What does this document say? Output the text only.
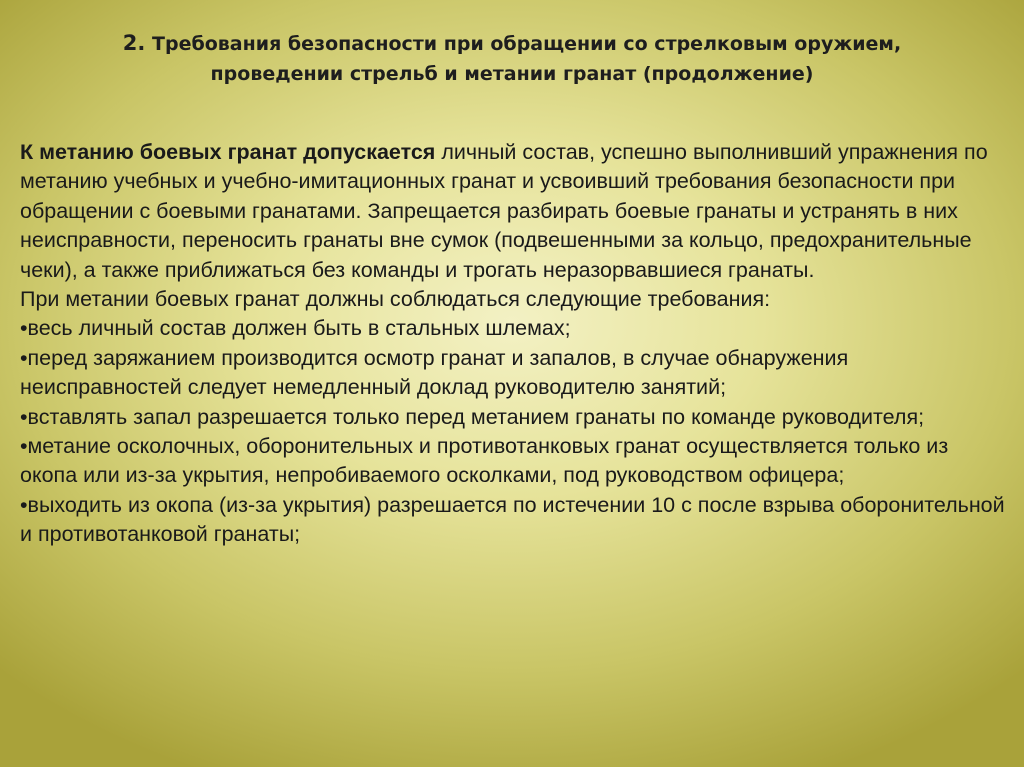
2. Требования безопасности при обращении со стрелковым оружием,
проведении стрельб и метании гранат (продолжение)

К метанию боевых гранат допускается личный состав, успешно выполнивший упражнения по метанию учебных и учебно-имитационных гранат и усвоивший требования безопасности при обращении с боевыми гранатами. Запрещается разбирать боевые гранаты и устранять в них неисправности, переносить гранаты вне сумок (подвешенными за кольцо, предохранительные чеки), а также приближаться без команды и трогать неразорвавшиеся гранаты.

При метании боевых гранат должны соблюдаться следующие требования:

•весь личный состав должен быть в стальных шлемах;

•перед заряжанием производится осмотр гранат и запалов, в случае обнаружения неисправностей следует немедленный доклад руководителю занятий;

•вставлять запал разрешается только перед метанием гранаты по команде руководителя;

•метание осколочных, оборонительных и противотанковых гранат осуществляется только из окопа или из-за укрытия, непробиваемого осколками, под руководством офицера;

•выходить из окопа (из-за укрытия) разрешается по истечении 10 с после взрыва оборонительной и противотанковой гранаты;
